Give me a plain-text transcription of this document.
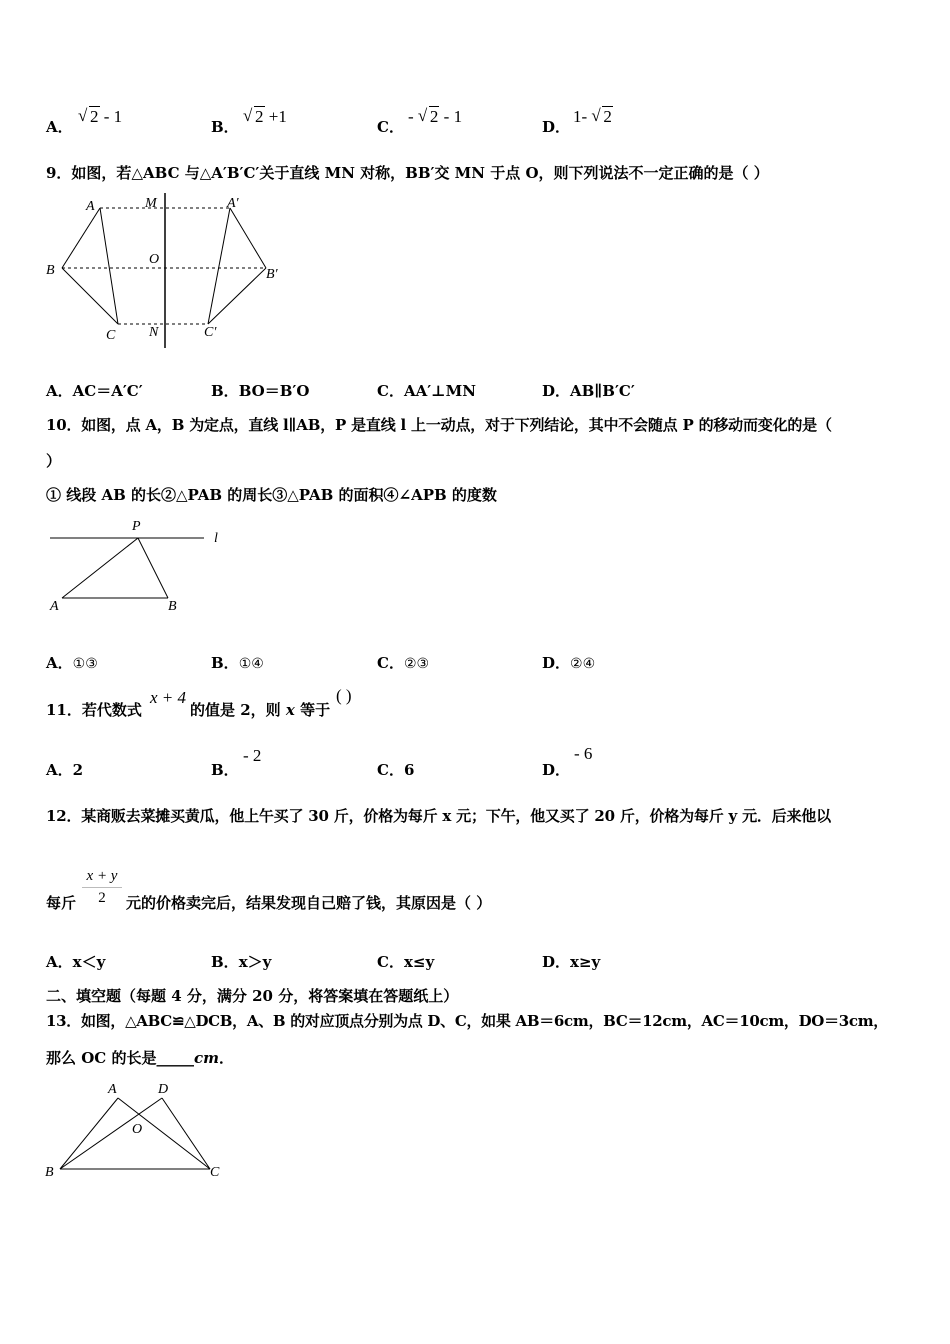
A．
√ 2 - 1
B．
√ 2 +1
C．
- √ 2 - 1
D．
1- √ 2
9．如图，若△ABC 与△A′B′C′关于直线 MN 对称，BB′交 MN 于点 O，则下列说法不一定正确的是（ ）
A	M	A′
O
B	B′
C N	C′
A．AC＝A′C′	B．BO＝B′O	C．AA′⊥MN	D．AB∥B′C′
10．如图，点 A，B 为定点，直线 l∥AB，P 是直线 l 上一动点，对于下列结论，其中不会随点 P 的移动而变化的是（
）
① 线段 AB 的长②△PAB 的周长③△PAB 的面积④∠APB 的度数
P
l
A	B
A．①③	B．①④	C．②③	D．②④
11．若代数式
x + 4
的值是 2，则 x 等于
( )
A．2	B．
- 2
C．6	D．
- 6
12．某商贩去菜摊买黄瓜，他上午买了 30 斤，价格为每斤 x 元；下午，他又买了 20 斤，价格为每斤 y 元．后来他以
每斤 $\frac{x + y}{2}$ 元的价格卖完后，结果发现自己赔了钱，其原因是（ ）
A．x＜y	B．x＞y	C．x≤y	D．x≥y
二、填空题（每题 4 分，满分 20 分，将答案填在答题纸上）
13．如图，△ABC≌△DCB，A、B 的对应顶点分别为点 D、C，如果 AB＝6cm，BC＝12cm，AC＝10cm，DO＝3cm，
那么 OC 的长是_____cm．
A	D
O
B	C
